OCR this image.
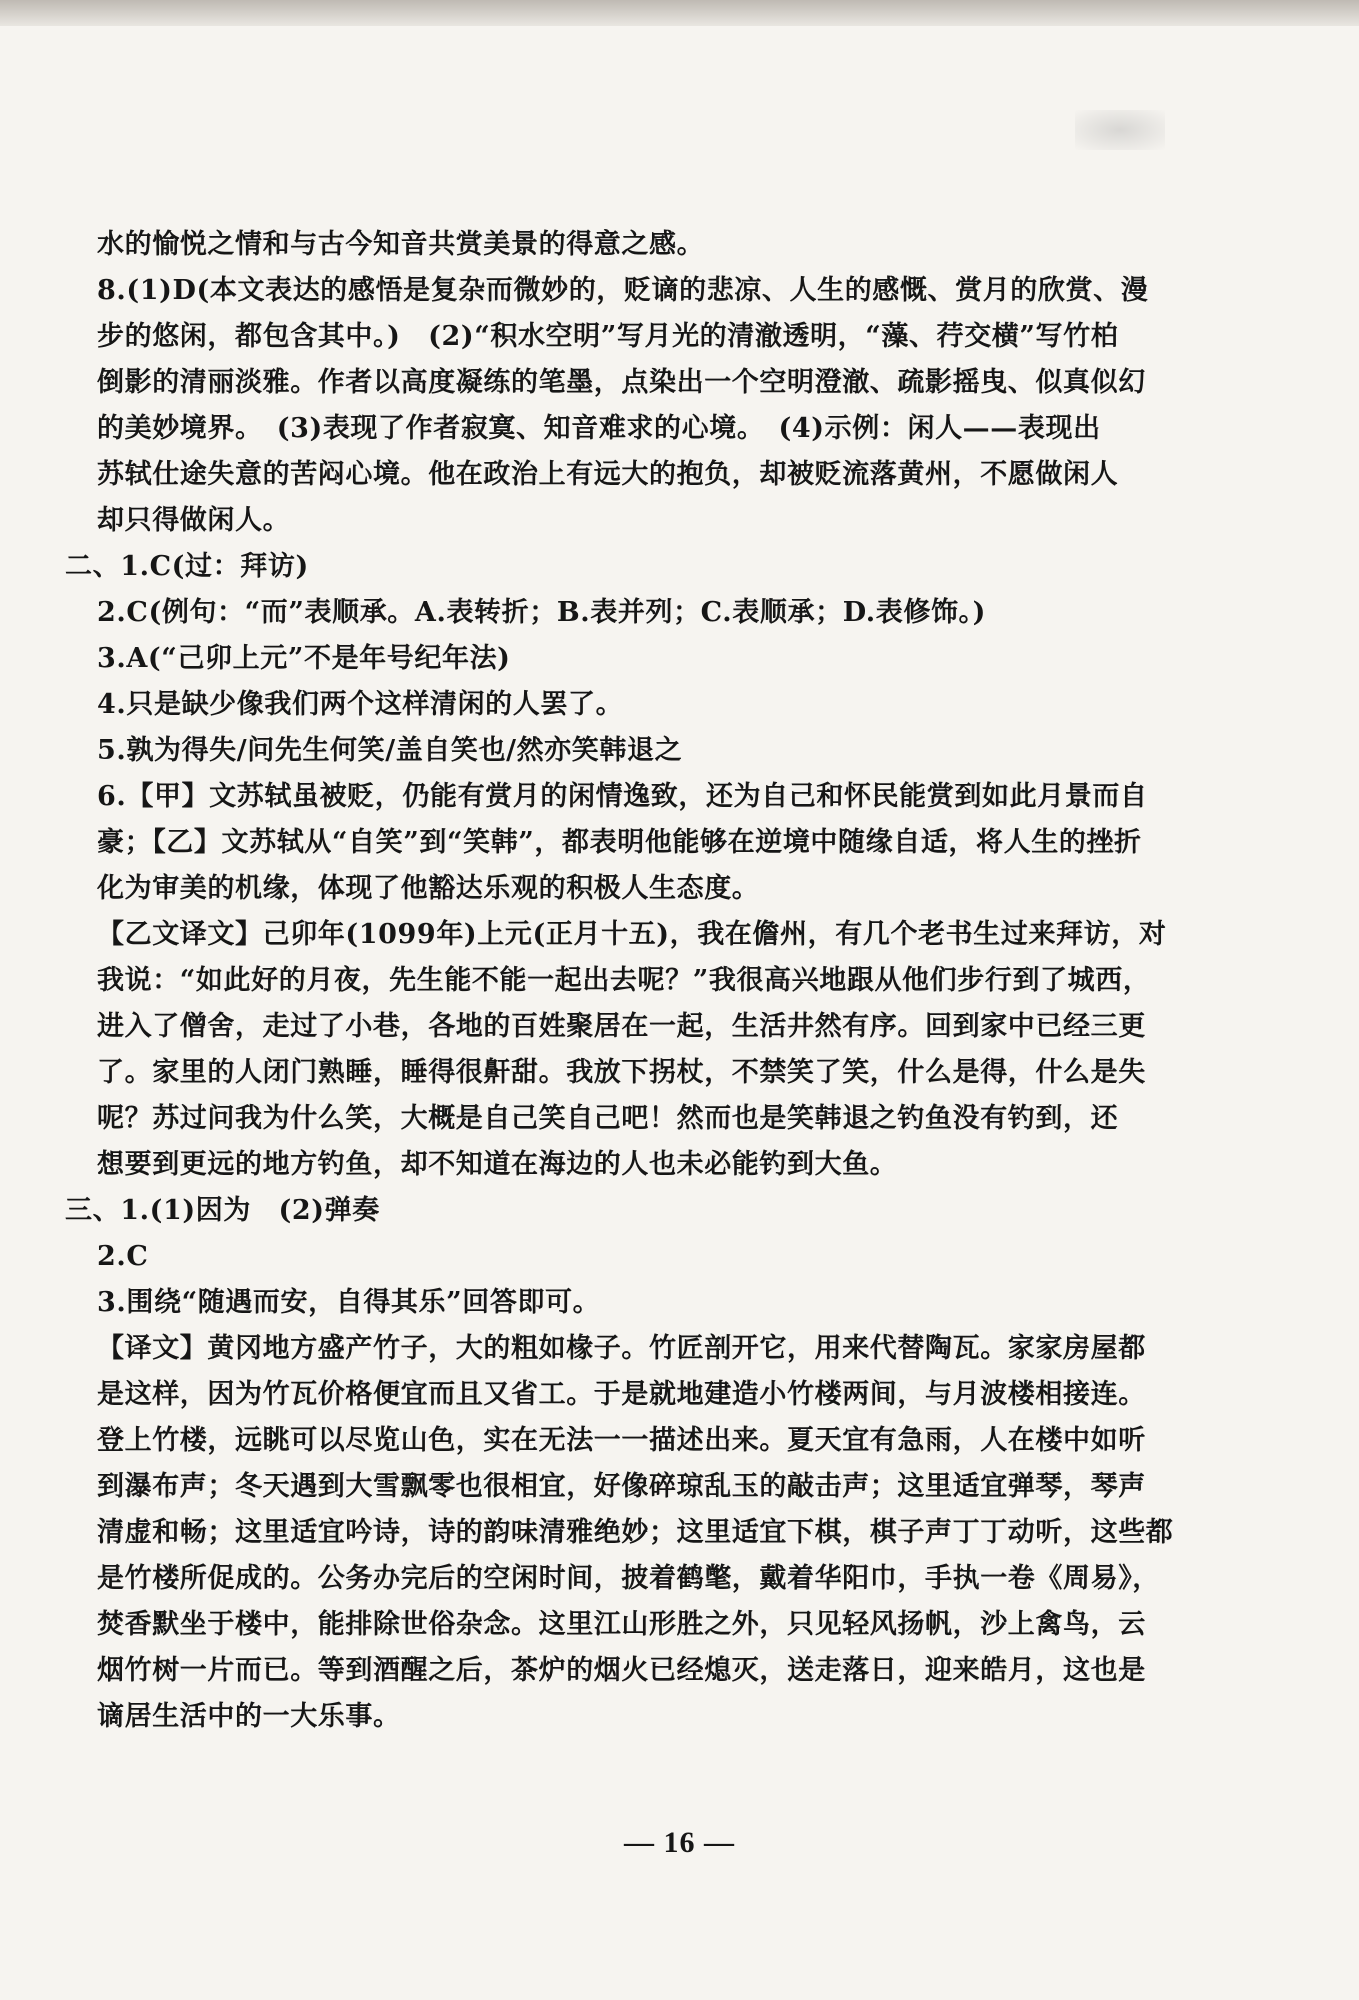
水的愉悦之情和与古今知音共赏美景的得意之感。
8.(1)D(本文表达的感悟是复杂而微妙的，贬谪的悲凉、人生的感慨、赏月的欣赏、漫
步的悠闲，都包含其中。)　(2)“积水空明”写月光的清澈透明，“藻、荇交横”写竹柏
倒影的清丽淡雅。作者以高度凝练的笔墨，点染出一个空明澄澈、疏影摇曳、似真似幻
的美妙境界。　(3)表现了作者寂寞、知音难求的心境。　(4)示例：闲人——表现出
苏轼仕途失意的苦闷心境。他在政治上有远大的抱负，却被贬流落黄州，不愿做闲人
却只得做闲人。
二、1.C(过：拜访)
2.C(例句：“而”表顺承。A.表转折；B.表并列；C.表顺承；D.表修饰。)
3.A(“己卯上元”不是年号纪年法)
4.只是缺少像我们两个这样清闲的人罢了。
5.孰为得失/问先生何笑/盖自笑也/然亦笑韩退之
6.【甲】文苏轼虽被贬，仍能有赏月的闲情逸致，还为自己和怀民能赏到如此月景而自
豪；【乙】文苏轼从“自笑”到“笑韩”，都表明他能够在逆境中随缘自适，将人生的挫折
化为审美的机缘，体现了他豁达乐观的积极人生态度。
【乙文译文】己卯年(1099年)上元(正月十五)，我在儋州，有几个老书生过来拜访，对
我说：“如此好的月夜，先生能不能一起出去呢？”我很高兴地跟从他们步行到了城西，
进入了僧舍，走过了小巷，各地的百姓聚居在一起，生活井然有序。回到家中已经三更
了。家里的人闭门熟睡，睡得很鼾甜。我放下拐杖，不禁笑了笑，什么是得，什么是失
呢？苏过问我为什么笑，大概是自己笑自己吧！然而也是笑韩退之钓鱼没有钓到，还
想要到更远的地方钓鱼，却不知道在海边的人也未必能钓到大鱼。
三、1.(1)因为　(2)弹奏
2.C
3.围绕“随遇而安，自得其乐”回答即可。
【译文】黄冈地方盛产竹子，大的粗如椽子。竹匠剖开它，用来代替陶瓦。家家房屋都
是这样，因为竹瓦价格便宜而且又省工。于是就地建造小竹楼两间，与月波楼相接连。
登上竹楼，远眺可以尽览山色，实在无法一一描述出来。夏天宜有急雨，人在楼中如听
到瀑布声；冬天遇到大雪飘零也很相宜，好像碎琼乱玉的敲击声；这里适宜弹琴，琴声
清虚和畅；这里适宜吟诗，诗的韵味清雅绝妙；这里适宜下棋，棋子声丁丁动听，这些都
是竹楼所促成的。公务办完后的空闲时间，披着鹤氅，戴着华阳巾，手执一卷《周易》，
焚香默坐于楼中，能排除世俗杂念。这里江山形胜之外，只见轻风扬帆，沙上禽鸟，云
烟竹树一片而已。等到酒醒之后，茶炉的烟火已经熄灭，送走落日，迎来皓月，这也是
谪居生活中的一大乐事。
— 16 —
